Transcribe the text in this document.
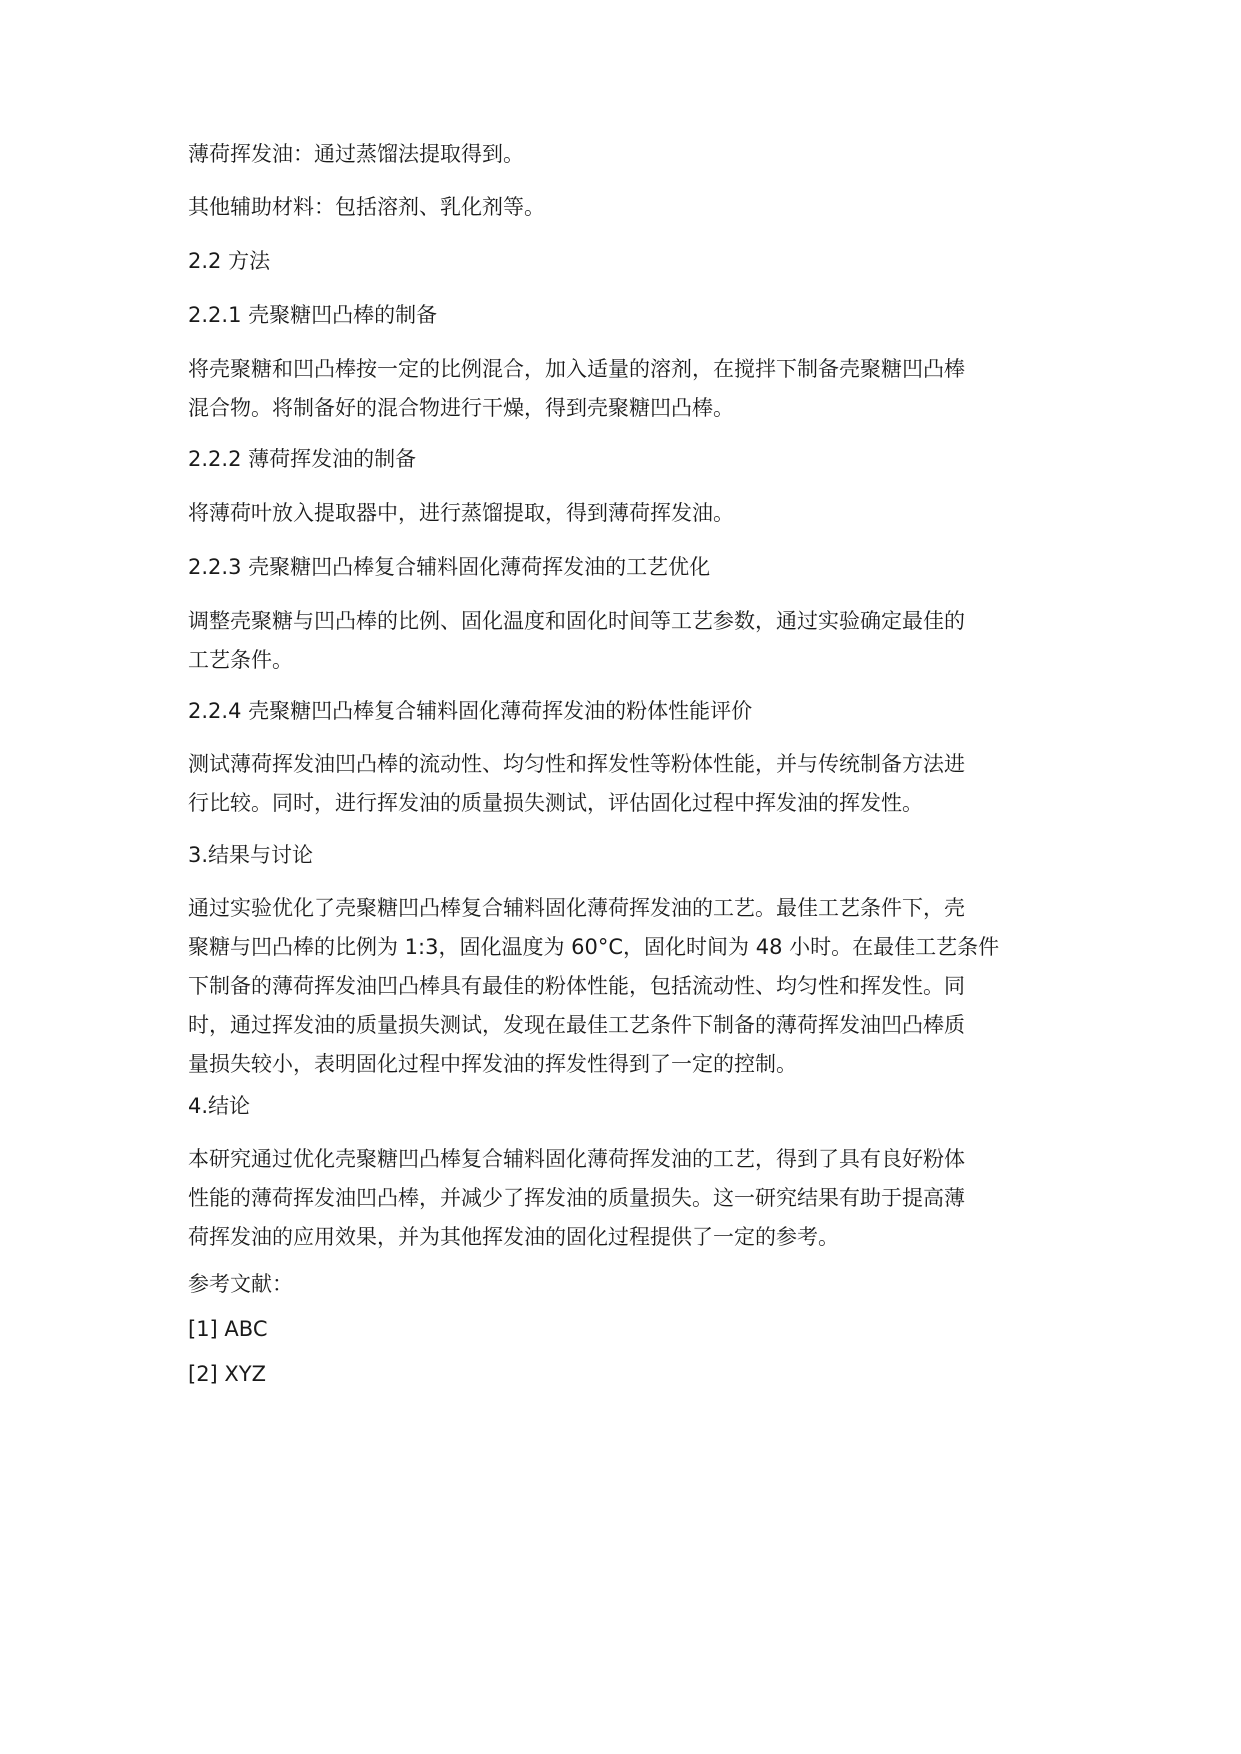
薄荷挥发油：通过蒸馏法提取得到。

其他辅助材料：包括溶剂、乳化剂等。

2.2 方法

2.2.1 壳聚糖凹凸棒的制备

将壳聚糖和凹凸棒按一定的比例混合，加入适量的溶剂，在搅拌下制备壳聚糖凹凸棒
混合物。将制备好的混合物进行干燥，得到壳聚糖凹凸棒。

2.2.2 薄荷挥发油的制备

将薄荷叶放入提取器中，进行蒸馏提取，得到薄荷挥发油。

2.2.3 壳聚糖凹凸棒复合辅料固化薄荷挥发油的工艺优化

调整壳聚糖与凹凸棒的比例、固化温度和固化时间等工艺参数，通过实验确定最佳的
工艺条件。

2.2.4 壳聚糖凹凸棒复合辅料固化薄荷挥发油的粉体性能评价

测试薄荷挥发油凹凸棒的流动性、均匀性和挥发性等粉体性能，并与传统制备方法进
行比较。同时，进行挥发油的质量损失测试，评估固化过程中挥发油的挥发性。

3.结果与讨论

通过实验优化了壳聚糖凹凸棒复合辅料固化薄荷挥发油的工艺。最佳工艺条件下，壳
聚糖与凹凸棒的比例为 1:3，固化温度为 60°C，固化时间为 48 小时。在最佳工艺条件
下制备的薄荷挥发油凹凸棒具有最佳的粉体性能，包括流动性、均匀性和挥发性。同
时，通过挥发油的质量损失测试，发现在最佳工艺条件下制备的薄荷挥发油凹凸棒质
量损失较小，表明固化过程中挥发油的挥发性得到了一定的控制。

4.结论

本研究通过优化壳聚糖凹凸棒复合辅料固化薄荷挥发油的工艺，得到了具有良好粉体
性能的薄荷挥发油凹凸棒，并减少了挥发油的质量损失。这一研究结果有助于提高薄
荷挥发油的应用效果，并为其他挥发油的固化过程提供了一定的参考。

参考文献：

[1] ABC

[2] XYZ
